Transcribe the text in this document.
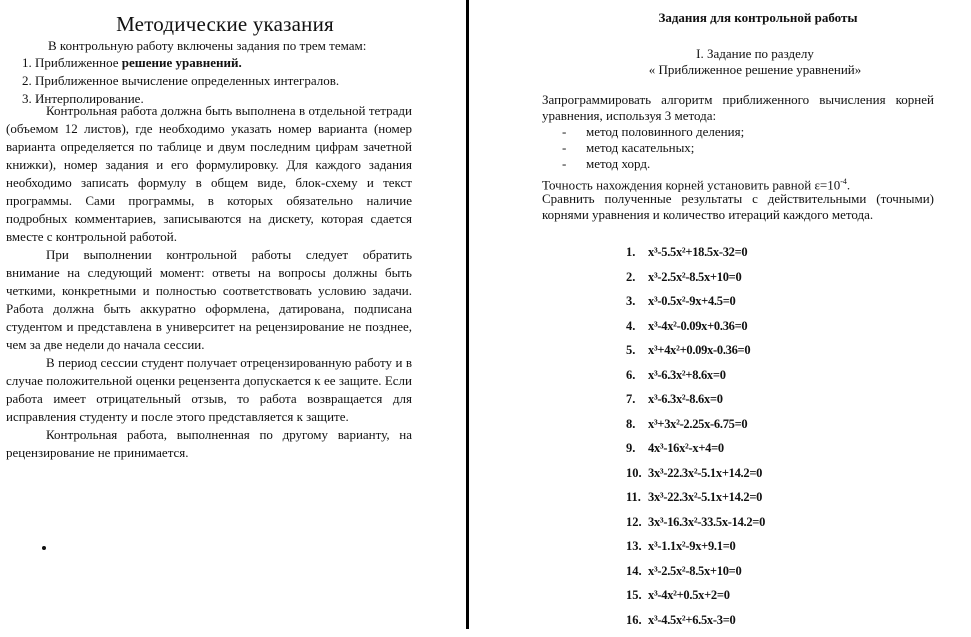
Методические указания
В контрольную работу включены задания по трем темам:
1. Приближенное решение уравнений.
2. Приближенное вычисление определенных интегралов.
3. Интерполирование.

Контрольная работа должна быть выполнена в отдельной тетради (объемом 12 листов), где необходимо указать номер варианта (номер варианта определяется по таблице и двум последним цифрам зачетной книжки), номер задания и его формулировку. Для каждого задания необходимо записать формулу в общем виде, блок-схему и текст программы. Сами программы, в которых обязательно наличие подробных комментариев, записываются на дискету, которая сдается вместе с контрольной работой.

При выполнении контрольной работы следует обратить внимание на следующий момент: ответы на вопросы должны быть четкими, конкретными и полностью соответствовать условию задачи. Работа должна быть аккуратно оформлена, датирована, подписана студентом и представлена в университет на рецензирование не позднее, чем за две недели до начала сессии.

В период сессии студент получает отрецензированную работу и в случае положительной оценки рецензента допускается к ее защите. Если работа имеет отрицательный отзыв, то работа возвращается для исправления студенту и после этого представляется к защите.

Контрольная работа, выполненная по другому варианту, на рецензирование не принимается.

Задания для контрольной работы
I. Задание по разделу
« Приближенное решение уравнений»
Запрограммировать алгоритм приближенного вычисления корней уравнения, используя 3 метода:
- метод половинного деления;
- метод касательных;
- метод хорд.
Точность нахождения корней установить равной $\varepsilon=10^{-4}$.
Сравнить полученные результаты с действительными (точными) корнями уравнения и количество итераций каждого метода.
1.	x³-5.5x²+18.5x-32=0
2.	x³-2.5x²-8.5x+10=0
3.	x³-0.5x²-9x+4.5=0
4.	x³-4x²-0.09x+0.36=0
5.	x³+4x²+0.09x-0.36=0
6.	x³-6.3x²+8.6x=0
7.	x³-6.3x²-8.6x=0
8.	x³+3x²-2.25x-6.75=0
9.	4x³-16x²-x+4=0
10. 3x³-22.3x²-5.1x+14.2=0
11. 3x³-22.3x²-5.1x+14.2=0
12. 3x³-16.3x²-33.5x-14.2=0
13. x³-1.1x²-9x+9.1=0
14. x³-2.5x²-8.5x+10=0
15. x³-4x²+0.5x+2=0
16. x³-4.5x²+6.5x-3=0
